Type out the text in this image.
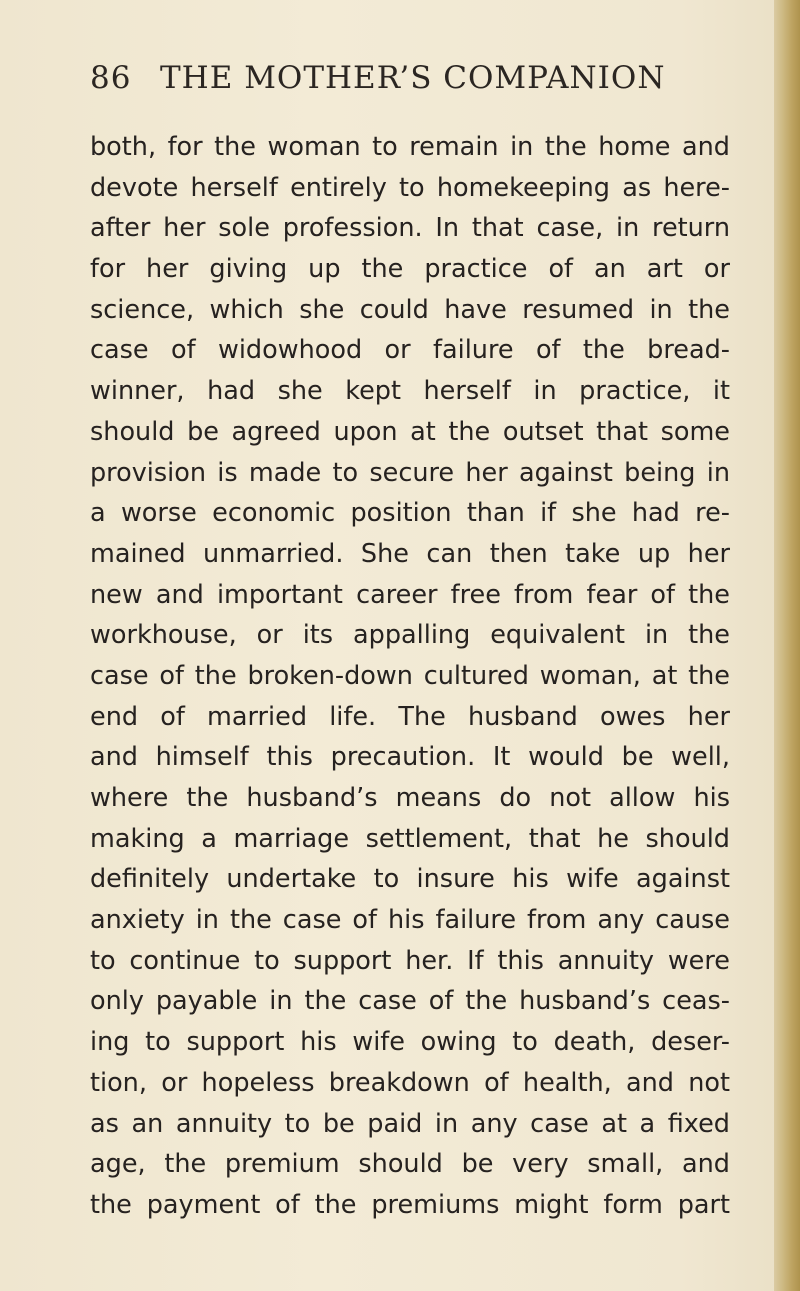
86 THE MOTHER’S COMPANION
both, for the woman to remain in the home and
devote herself entirely to homekeeping as here-
after her sole profession. In that case, in return
for her giving up the practice of an art or
science, which she could have resumed in the
case of widowhood or failure of the bread-
winner, had she kept herself in practice, it
should be agreed upon at the outset that some
provision is made to secure her against being in
a worse economic position than if she had re-
mained unmarried. She can then take up her
new and important career free from fear of the
workhouse, or its appalling equivalent in the
case of the broken-down cultured woman, at the
end of married life. The husband owes her
and himself this precaution. It would be well,
where the husband’s means do not allow his
making a marriage settlement, that he should
definitely undertake to insure his wife against
anxiety in the case of his failure from any cause
to continue to support her. If this annuity were
only payable in the case of the husband’s ceas-
ing to support his wife owing to death, deser-
tion, or hopeless breakdown of health, and not
as an annuity to be paid in any case at a fixed
age, the premium should be very small, and
the payment of the premiums might form part
